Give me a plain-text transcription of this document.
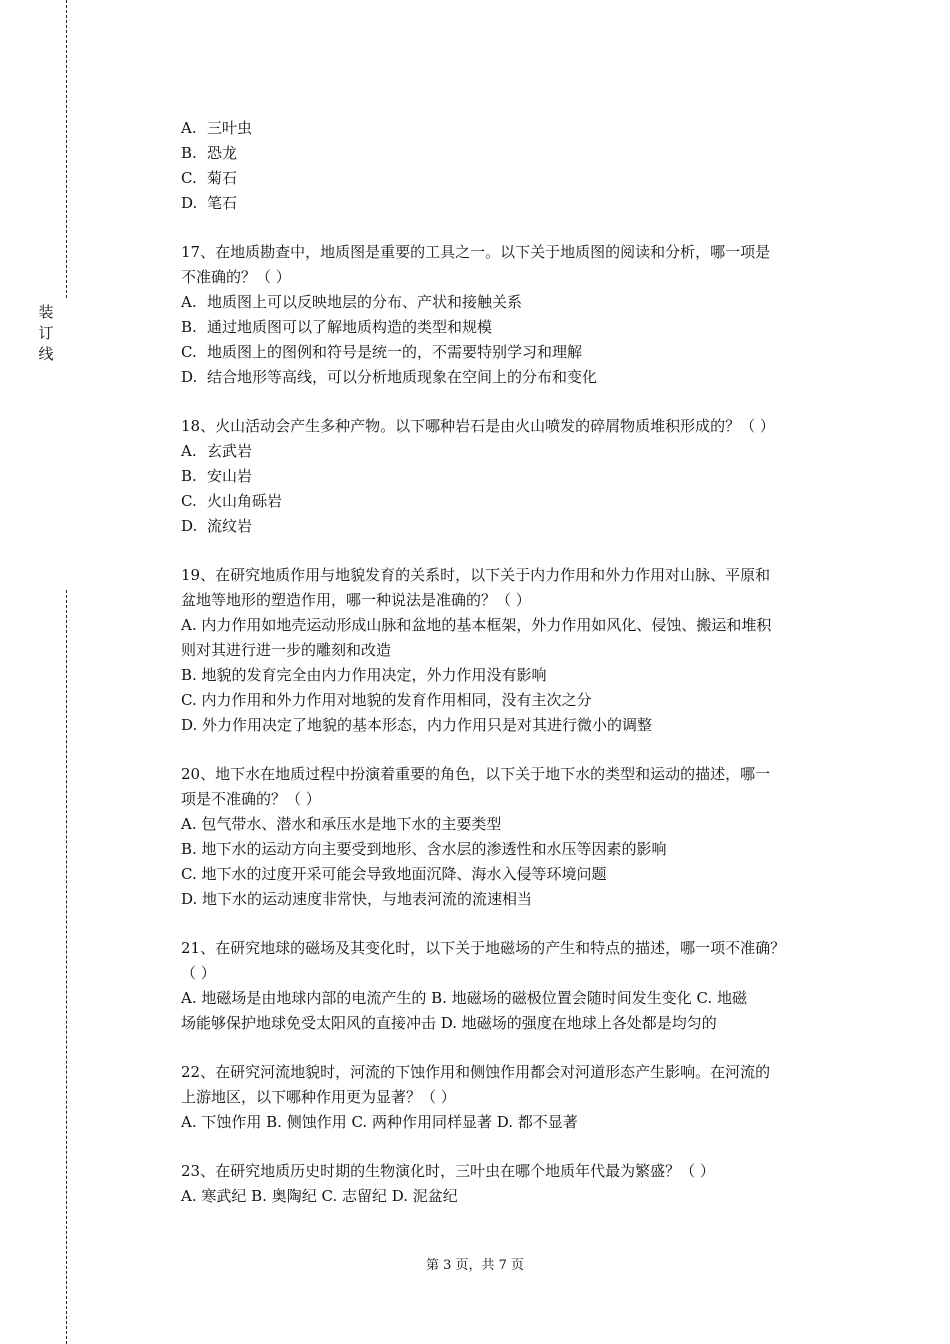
装
订
线
A. 三叶虫
B. 恐龙
C. 菊石
D. 笔石
17、在地质勘查中，地质图是重要的工具之一。以下关于地质图的阅读和分析，哪一项是
不准确的？（ ）
A. 地质图上可以反映地层的分布、产状和接触关系
B. 通过地质图可以了解地质构造的类型和规模
C. 地质图上的图例和符号是统一的，不需要特别学习和理解
D. 结合地形等高线，可以分析地质现象在空间上的分布和变化
18、火山活动会产生多种产物。以下哪种岩石是由火山喷发的碎屑物质堆积形成的？（ ）
A. 玄武岩
B. 安山岩
C. 火山角砾岩
D. 流纹岩
19、在研究地质作用与地貌发育的关系时，以下关于内力作用和外力作用对山脉、平原和
盆地等地形的塑造作用，哪一种说法是准确的？（ ）
A. 内力作用如地壳运动形成山脉和盆地的基本框架，外力作用如风化、侵蚀、搬运和堆积
则对其进行进一步的雕刻和改造
B. 地貌的发育完全由内力作用决定，外力作用没有影响
C. 内力作用和外力作用对地貌的发育作用相同，没有主次之分
D. 外力作用决定了地貌的基本形态，内力作用只是对其进行微小的调整
20、地下水在地质过程中扮演着重要的角色，以下关于地下水的类型和运动的描述，哪一
项是不准确的？（ ）
A. 包气带水、潜水和承压水是地下水的主要类型
B. 地下水的运动方向主要受到地形、含水层的渗透性和水压等因素的影响
C. 地下水的过度开采可能会导致地面沉降、海水入侵等环境问题
D. 地下水的运动速度非常快，与地表河流的流速相当
21、在研究地球的磁场及其变化时，以下关于地磁场的产生和特点的描述，哪一项不准确？
（ ）
A. 地磁场是由地球内部的电流产生的 B. 地磁场的磁极位置会随时间发生变化 C. 地磁
场能够保护地球免受太阳风的直接冲击 D. 地磁场的强度在地球上各处都是均匀的
22、在研究河流地貌时，河流的下蚀作用和侧蚀作用都会对河道形态产生影响。在河流的
上游地区，以下哪种作用更为显著？（ ）
A. 下蚀作用 B. 侧蚀作用 C. 两种作用同样显著 D. 都不显著
23、在研究地质历史时期的生物演化时，三叶虫在哪个地质年代最为繁盛？（ ）
A. 寒武纪 B. 奥陶纪 C. 志留纪 D. 泥盆纪
第 3 页，共 7 页
